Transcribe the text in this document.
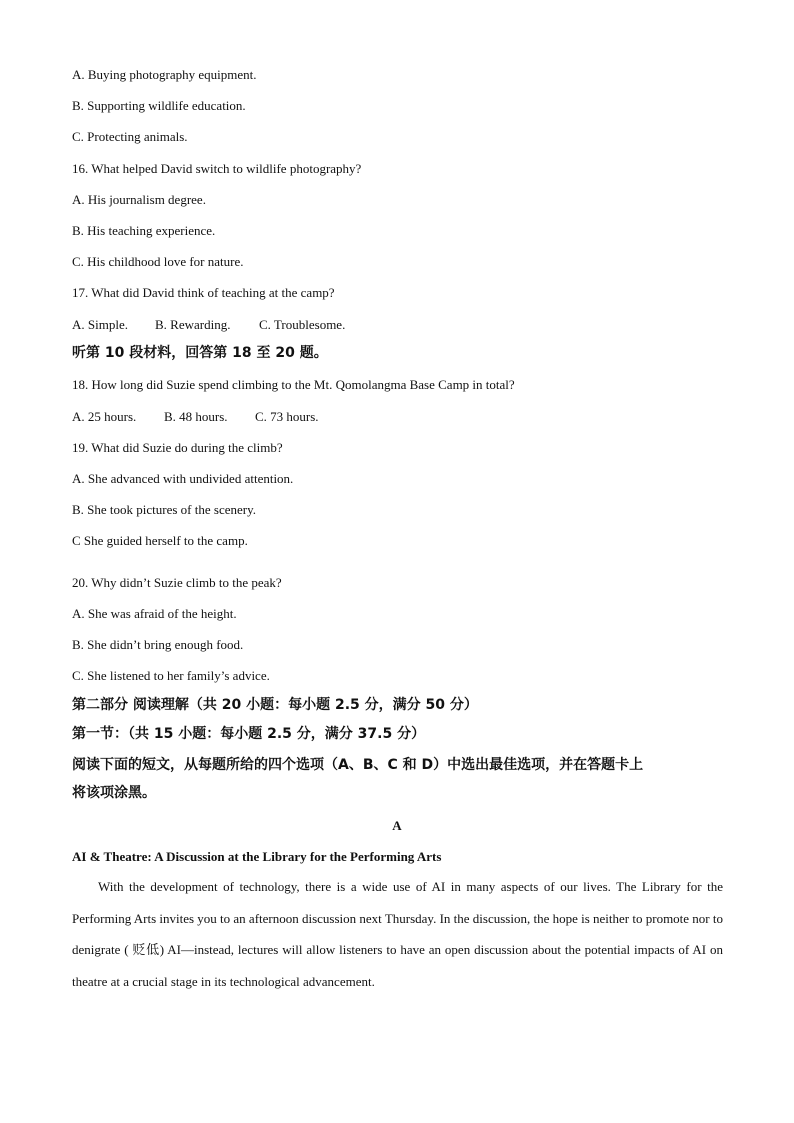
A. Buying photography equipment.
B. Supporting wildlife education.
C. Protecting animals.
16. What helped David switch to wildlife photography?
A. His journalism degree.
B. His teaching experience.
C. His childhood love for nature.
17. What did David think of teaching at the camp?
A. Simple. B. Rewarding. C. Troublesome.
听第 10 段材料，回答第 18 至 20 题。
18. How long did Suzie spend climbing to the Mt. Qomolangma Base Camp in total?
A. 25 hours. B. 48 hours. C. 73 hours.
19. What did Suzie do during the climb?
A. She advanced with undivided attention.
B. She took pictures of the scenery.
C She guided herself to the camp.
20. Why didn’t Suzie climb to the peak?
A. She was afraid of the height.
B. She didn’t bring enough food.
C. She listened to her family’s advice.
第二部分 阅读理解（共 20 小题：每小题 2.5 分，满分 50 分）
第一节：（共 15 小题：每小题 2.5 分，满分 37.5 分）
阅读下面的短文，从每题所给的四个选项（A、B、C 和 D）中选出最佳选项，并在答题卡上
将该项涂黑。
A
AI & Theatre: A Discussion at the Library for the Performing Arts
With the development of technology, there is a wide use of AI in many aspects of our lives. The Library for the Performing Arts invites you to an afternoon discussion next Thursday. In the discussion, the hope is neither to promote nor to denigrate ( 贬低) AI—instead, lectures will allow listeners to have an open discussion about the potential impacts of AI on theatre at a crucial stage in its technological advancement.
